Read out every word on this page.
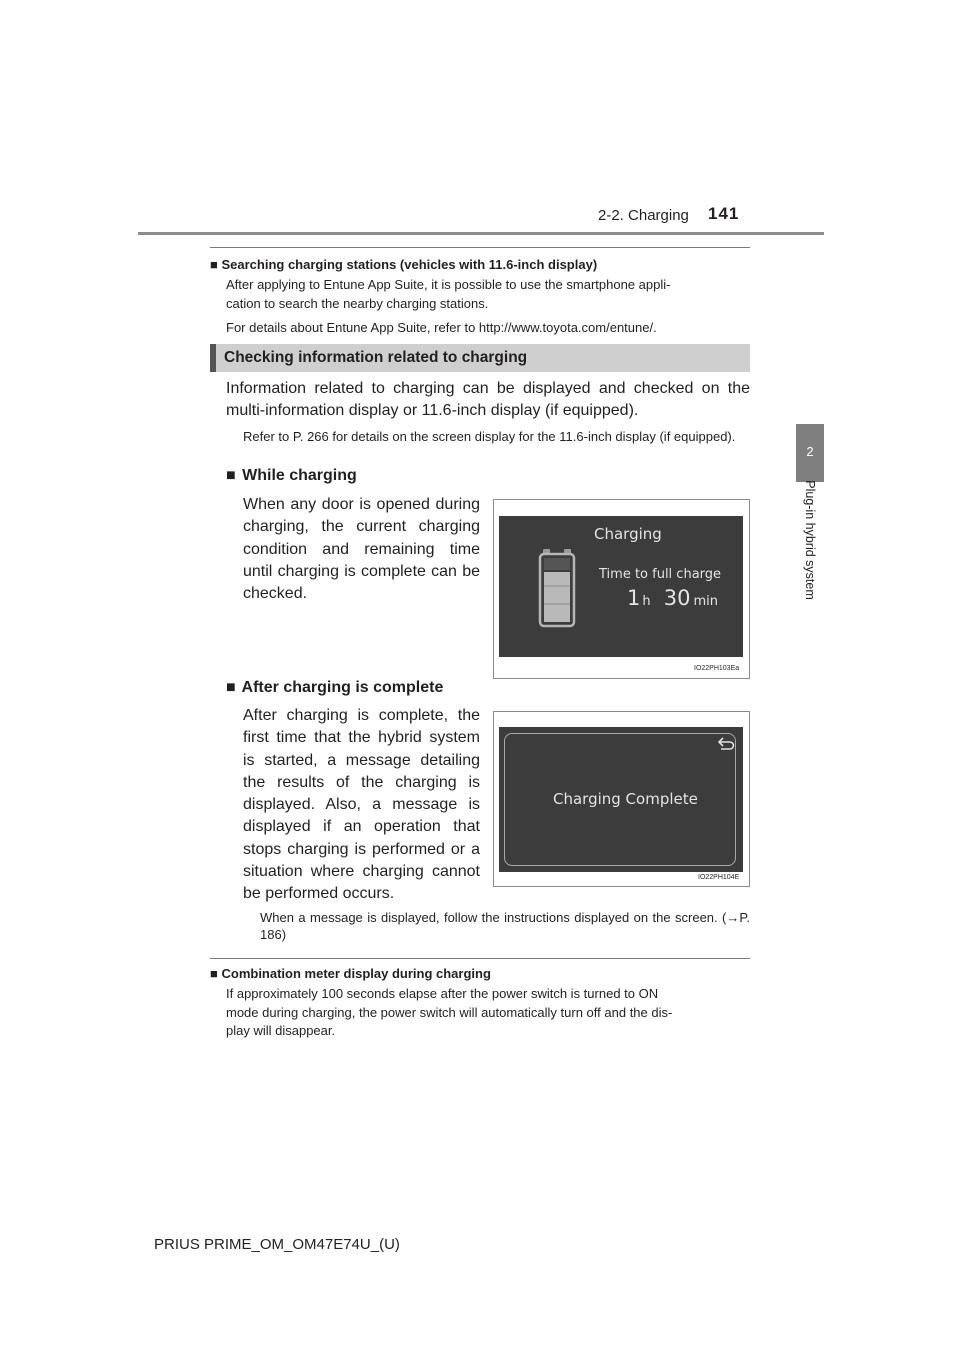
2-2. Charging 141
2
Plug-in hybrid system
■ Searching charging stations (vehicles with 11.6-inch display)
After applying to Entune App Suite, it is possible to use the smartphone appli-
cation to search the nearby charging stations.
For details about Entune App Suite, refer to http://www.toyota.com/entune/.
Checking information related to charging
Information related to charging can be displayed and checked on the multi-information display or 11.6-inch display (if equipped).
Refer to P. 266 for details on the screen display for the 11.6-inch display (if equipped).
■ While charging
When any door is opened during charging, the current charging condition and remaining time until charging is complete can be checked.
Charging
Time to full charge
1 h 30 min
IO22PH103Ea
■ After charging is complete
After charging is complete, the first time that the hybrid system is started, a message detailing the results of the charging is displayed. Also, a message is displayed if an operation that stops charging is performed or a situation where charging cannot be performed occurs.
Charging Complete
IO22PH104E
When a message is displayed, follow the instructions displayed on the screen. (→P. 186)
■ Combination meter display during charging
If approximately 100 seconds elapse after the power switch is turned to ON
mode during charging, the power switch will automatically turn off and the dis-
play will disappear.
PRIUS PRIME_OM_OM47E74U_(U)
